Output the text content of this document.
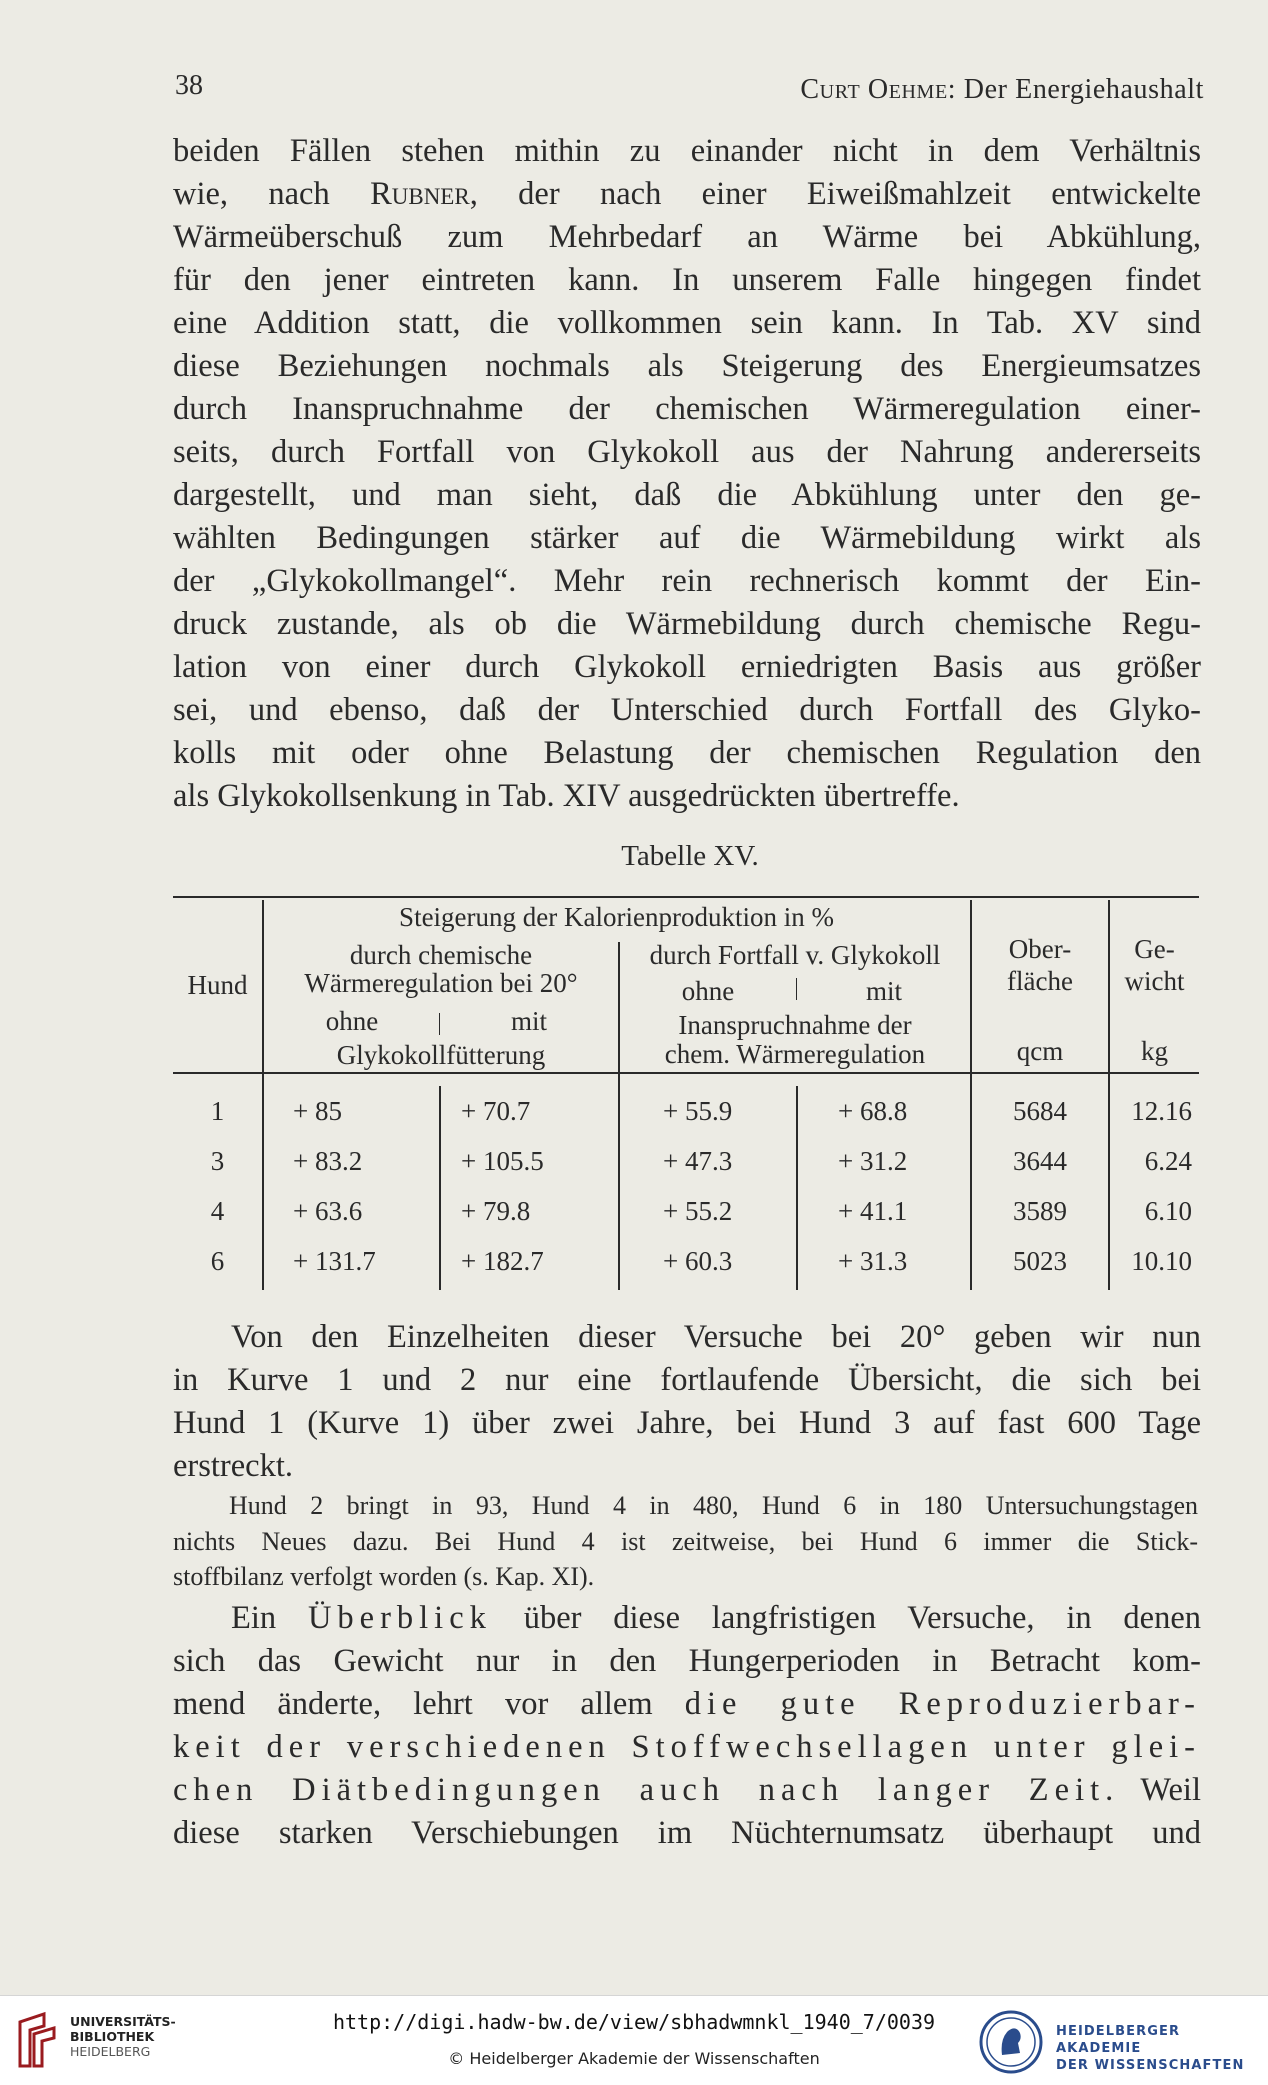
38	Curt Oehme: Der Energiehaushalt
beiden Fällen stehen mithin zu einander nicht in dem Verhältnis
wie, nach Rubner, der nach einer Eiweißmahlzeit entwickelte
Wärmeüberschuß zum Mehrbedarf an Wärme bei Abkühlung,
für den jener eintreten kann. In unserem Falle hingegen findet
eine Addition statt, die vollkommen sein kann. In Tab. XV sind
diese Beziehungen nochmals als Steigerung des Energieumsatzes
durch Inanspruchnahme der chemischen Wärmeregulation einer-
seits, durch Fortfall von Glykokoll aus der Nahrung andererseits
dargestellt, und man sieht, daß die Abkühlung unter den ge-
wählten Bedingungen stärker auf die Wärmebildung wirkt als
der „Glykokollmangel“. Mehr rein rechnerisch kommt der Ein-
druck zustande, als ob die Wärmebildung durch chemische Regu-
lation von einer durch Glykokoll erniedrigten Basis aus größer
sei, und ebenso, daß der Unterschied durch Fortfall des Glyko-
kolls mit oder ohne Belastung der chemischen Regulation den
als Glykokollsenkung in Tab. XIV ausgedrückten übertreffe.
Tabelle XV.
Hund
Steigerung der Kalorienproduktion in %
durch chemische
Wärmeregulation bei 20°
ohne	mit
Glykokollfütterung
durch Fortfall v. Glykokoll
ohne	mit
Inanspruchnahme der
chem. Wärmeregulation
Ober-
fläche
qcm
Ge-
wicht
kg
1	+ 85	+ 70.7	+ 55.9	+ 68.8	5684	12.16
3	+ 83.2	+ 105.5	+ 47.3	+ 31.2	3644	6.24
4	+ 63.6	+ 79.8	+ 55.2	+ 41.1	3589	6.10
6	+ 131.7	+ 182.7	+ 60.3	+ 31.3	5023	10.10
Von den Einzelheiten dieser Versuche bei 20° geben wir nun
in Kurve 1 und 2 nur eine fortlaufende Übersicht, die sich bei
Hund 1 (Kurve 1) über zwei Jahre, bei Hund 3 auf fast 600 Tage
erstreckt.
Hund 2 bringt in 93, Hund 4 in 480, Hund 6 in 180 Untersuchungstagen
nichts Neues dazu. Bei Hund 4 ist zeitweise, bei Hund 6 immer die Stick-
stoffbilanz verfolgt worden (s. Kap. XI).
Ein Überblick über diese langfristigen Versuche, in denen
sich das Gewicht nur in den Hungerperioden in Betracht kom-
mend änderte, lehrt vor allem die gute Reproduzierbar-
keit der verschiedenen Stoffwechsellagen unter glei-
chen Diätbedingungen auch nach langer Zeit. Weil
diese starken Verschiebungen im Nüchternumsatz überhaupt und
UNIVERSITÄTS-
BIBLIOTHEK
HEIDELBERG
http://digi.hadw-bw.de/view/sbhadwmnkl_1940_7/0039
© Heidelberger Akademie der Wissenschaften
HEIDELBERGER AKADEMIE
DER WISSENSCHAFTEN
